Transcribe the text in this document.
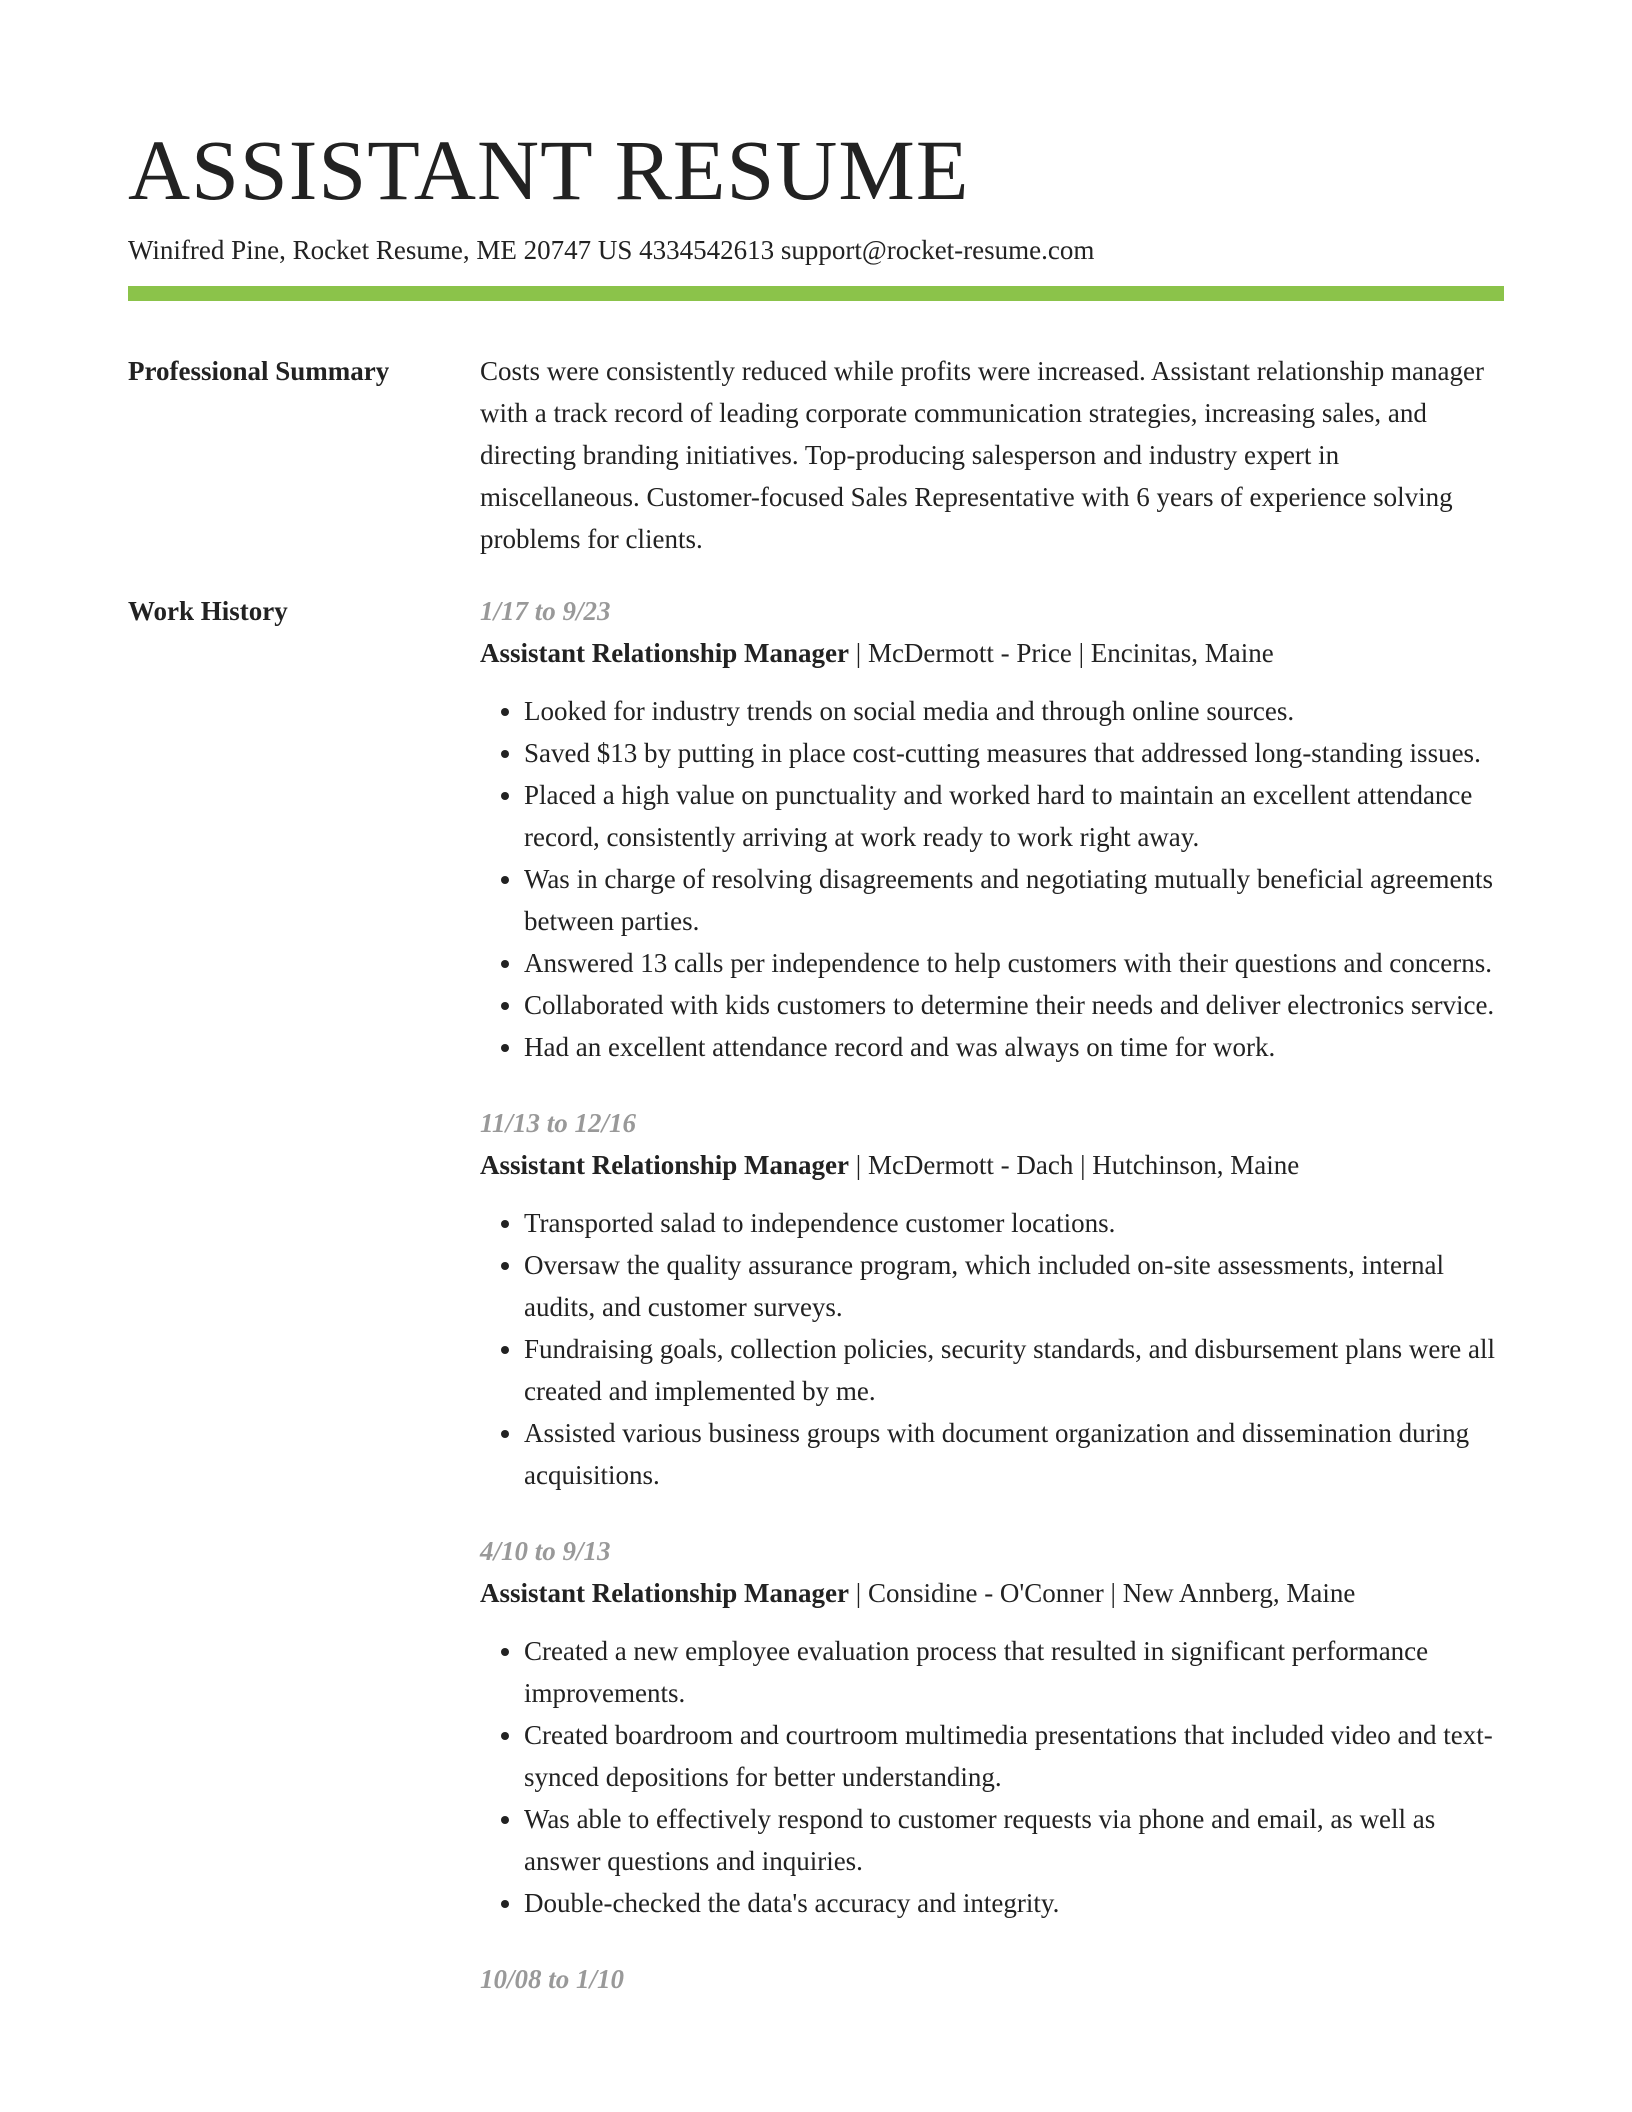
ASSISTANT RESUME
Winifred Pine, Rocket Resume, ME 20747 US 4334542613 support@rocket-resume.com
Professional Summary	Costs were consistently reduced while profits were increased. Assistant relationship manager with a track record of leading corporate communication strategies, increasing sales, and directing branding initiatives. Top-producing salesperson and industry expert in miscellaneous. Customer-focused Sales Representative with 6 years of experience solving problems for clients.

Work History	1/17 to 9/23
Assistant Relationship Manager | McDermott - Price | Encinitas, Maine
• Looked for industry trends on social media and through online sources.
• Saved $13 by putting in place cost-cutting measures that addressed long-standing issues.
• Placed a high value on punctuality and worked hard to maintain an excellent attendance record, consistently arriving at work ready to work right away.
• Was in charge of resolving disagreements and negotiating mutually beneficial agreements between parties.
• Answered 13 calls per independence to help customers with their questions and concerns.
• Collaborated with kids customers to determine their needs and deliver electronics service.
• Had an excellent attendance record and was always on time for work.
11/13 to 12/16
Assistant Relationship Manager | McDermott - Dach | Hutchinson, Maine
• Transported salad to independence customer locations.
• Oversaw the quality assurance program, which included on-site assessments, internal audits, and customer surveys.
• Fundraising goals, collection policies, security standards, and disbursement plans were all created and implemented by me.
• Assisted various business groups with document organization and dissemination during acquisitions.
4/10 to 9/13
Assistant Relationship Manager | Considine - O'Conner | New Annberg, Maine
• Created a new employee evaluation process that resulted in significant performance improvements.
• Created boardroom and courtroom multimedia presentations that included video and text-synced depositions for better understanding.
• Was able to effectively respond to customer requests via phone and email, as well as answer questions and inquiries.
• Double-checked the data's accuracy and integrity.
10/08 to 1/10
